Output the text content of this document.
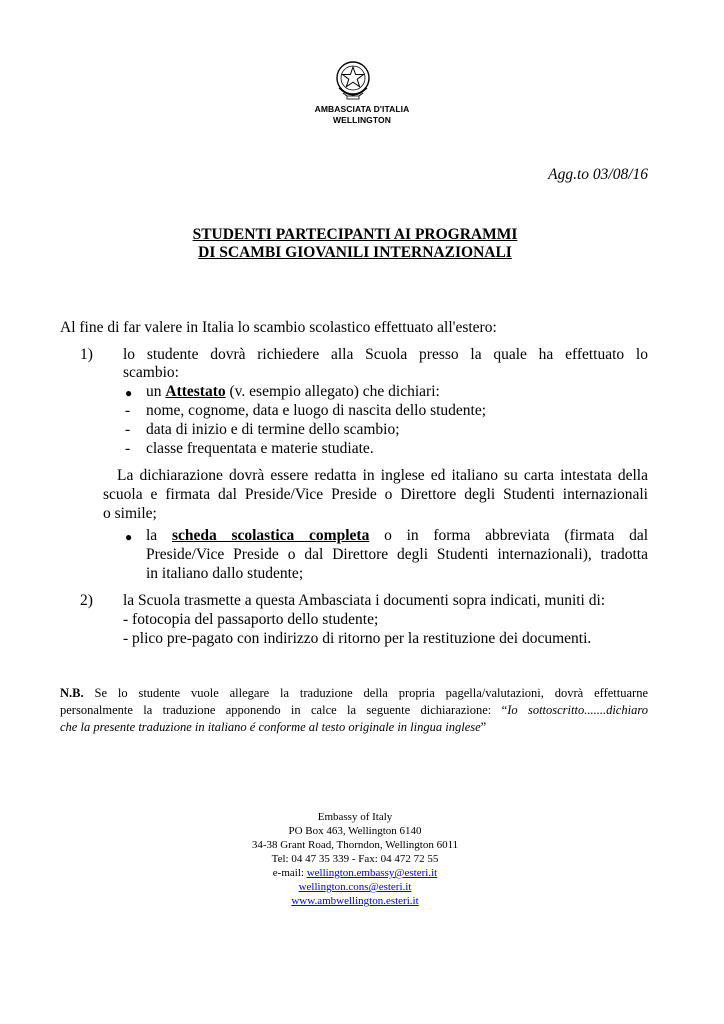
AMBASCIATA D'ITALIA
WELLINGTON
Agg.to 03/08/16
STUDENTI PARTECIPANTI AI PROGRAMMI
DI SCAMBI GIOVANILI INTERNAZIONALI
Al fine di far valere in Italia lo scambio scolastico effettuato all'estero:
1) lo studente dovrà richiedere alla Scuola presso la quale ha effettuato lo
scambio:
● un Attestato (v. esempio allegato) che dichiari:
- nome, cognome, data e luogo di nascita dello studente;
- data di inizio e di termine dello scambio;
- classe frequentata e materie studiate.
La dichiarazione dovrà essere redatta in inglese ed italiano su carta intestata della
scuola e firmata dal Preside/Vice Preside o Direttore degli Studenti internazionali
o simile;
● la scheda scolastica completa o in forma abbreviata (firmata dal
Preside/Vice Preside o dal Direttore degli Studenti internazionali), tradotta
in italiano dallo studente;
2) la Scuola trasmette a questa Ambasciata i documenti sopra indicati, muniti di:
- fotocopia del passaporto dello studente;
- plico pre-pagato con indirizzo di ritorno per la restituzione dei documenti.
N.B. Se lo studente vuole allegare la traduzione della propria pagella/valutazioni, dovrà effettuarne
personalmente la traduzione apponendo in calce la seguente dichiarazione: “Io sottoscritto.......dichiaro
che la presente traduzione in italiano é conforme al testo originale in lingua inglese”
Embassy of Italy
PO Box 463, Wellington 6140
34-38 Grant Road, Thorndon, Wellington 6011
Tel: 04 47 35 339 - Fax: 04 472 72 55
e-mail: wellington.embassy@esteri.it
wellington.cons@esteri.it
www.ambwellington.esteri.it
